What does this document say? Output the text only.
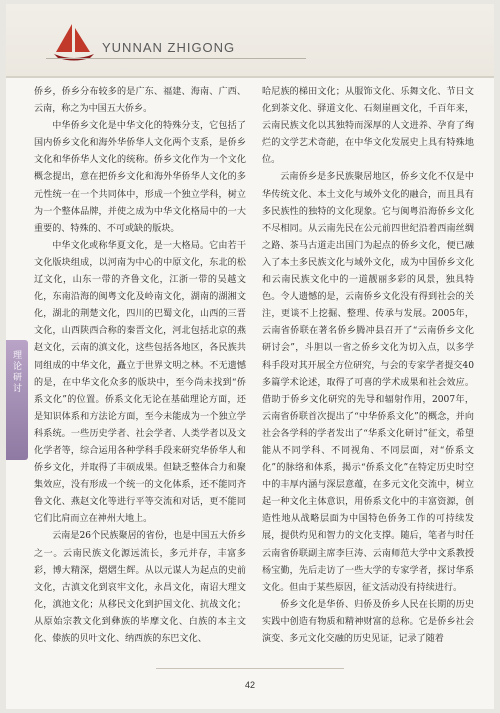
YUNNAN ZHIGONG
理论研讨

侨乡，侨乡分布较多的是广东、福建、海南、广西、云南，称之为中国五大侨乡。

中华侨乡文化是中华文化的特殊分支，它包括了国内侨乡文化和海外华侨华人文化两个支系，是侨乡文化和华侨华人文化的统称。侨乡文化作为一个文化概念提出，意在把侨乡文化和海外华侨华人文化的多元性统一在一个共同体中，形成一个独立学科，树立为一个整体品牌，并使之成为中华文化格局中的一大重要的、特殊的、不可或缺的版块。

中华文化或称华夏文化，是一大格局。它由若干文化版块组成，以河南为中心的中原文化，东北的松辽文化，山东一带的齐鲁文化，江浙一带的吴越文化，东南沿海的闽粤文化及岭南文化，湖南的湖湘文化，湖北的荆楚文化，四川的巴蜀文化，山西的三晋文化，山西陕西合称的秦晋文化，河北包括北京的燕赵文化，云南的滇文化，这些包括各地区，各民族共同组成的中华文化，矗立于世界文明之林。不无遗憾的是，在中华文化众多的版块中，至今尚未找到“侨系文化”的位置。侨系文化无论在基础理论方面，还是知识体系和方法论方面，至今未能成为一个独立学科系统。一些历史学者、社会学者、人类学者以及文化学者等，综合运用各种学科手段来研究华侨华人和侨乡文化，并取得了丰硕成果。但缺乏整体合力和聚集效应，没有形成一个统一的文化体系，还不能同齐鲁文化、燕赵文化等进行平等交流和对话，更不能同它们比肩而立在神州大地上。

云南是26个民族聚居的省份，也是中国五大侨乡之一。云南民族文化源远流长，多元并存，丰富多彩，博大精深，熠熠生辉。从以元谋人为起点的史前文化，古滇文化到哀牢文化，永昌文化，南诏大理文化，滇池文化；从移民文化到护国文化、抗战文化；从原始宗教文化到彝族的毕摩文化、白族的本主文化、傣族的贝叶文化、纳西族的东巴文化、

哈尼族的梯田文化；从服饰文化、乐舞文化、节日文化到茶文化、驿道文化、石刻崖画文化，千百年来，云南民族文化以其独特而深厚的人文进养、孕育了绚烂的文学艺术奇葩，在中华文化发展史上具有特殊地位。

云南侨乡是多民族聚居地区，侨乡文化不仅是中华传统文化、本土文化与域外文化的融合，而且具有多民族性的独特的文化现象。它与闽粤沿海侨乡文化不尽相同。从云南先民在公元前四世纪沿着西南丝绸之路、茶马古道走出国门为起点的侨乡文化，便已融入了本土多民族文化与域外文化，成为中国侨乡文化和云南民族文化中的一道靓丽多彩的风景，独具特色。令人遗憾的是，云南侨乡文化没有得到社会的关注，更谈不上挖掘、整理、传承与发展。2005年，云南省侨联在著名侨乡腾冲县召开了“云南侨乡文化研讨会”，斗胆以一省之侨乡文化为切入点，以多学科手段对其开展全方位研究，与会的专家学者提交40多篇学术论述，取得了可喜的学术成果和社会效应。借助于侨乡文化研究的先导和辐射作用，2007年，云南省侨联首次提出了“中华侨系文化”的概念，并向社会各学科的学者发出了“华系文化研讨”征文，希望能从不同学科、不同视角、不同层面，对“侨系文化”的脉络和体系，揭示“侨系文化”在特定历史时空中的丰厚内涵与深层意蕴，在多元文化交流中，树立起一种文化主体意识，用侨系文化中的丰富资源，创造性地从战略层面为中国特色侨务工作的可持续发展，提供灼见和智力的文化支撑。随后，笔者与时任云南省侨联副主席李巨涛、云南师范大学中文系教授杨宝勤，先后走访了一些大学的专家学者，探讨华系文化。但由于某些原因，征文活动没有持续进行。

侨乡文化是华侨、归侨及侨乡人民在长期的历史实践中创造有物质和精神财富的总称。它是侨乡社会演变、多元文化交融的历史见证，记录了随着

42
